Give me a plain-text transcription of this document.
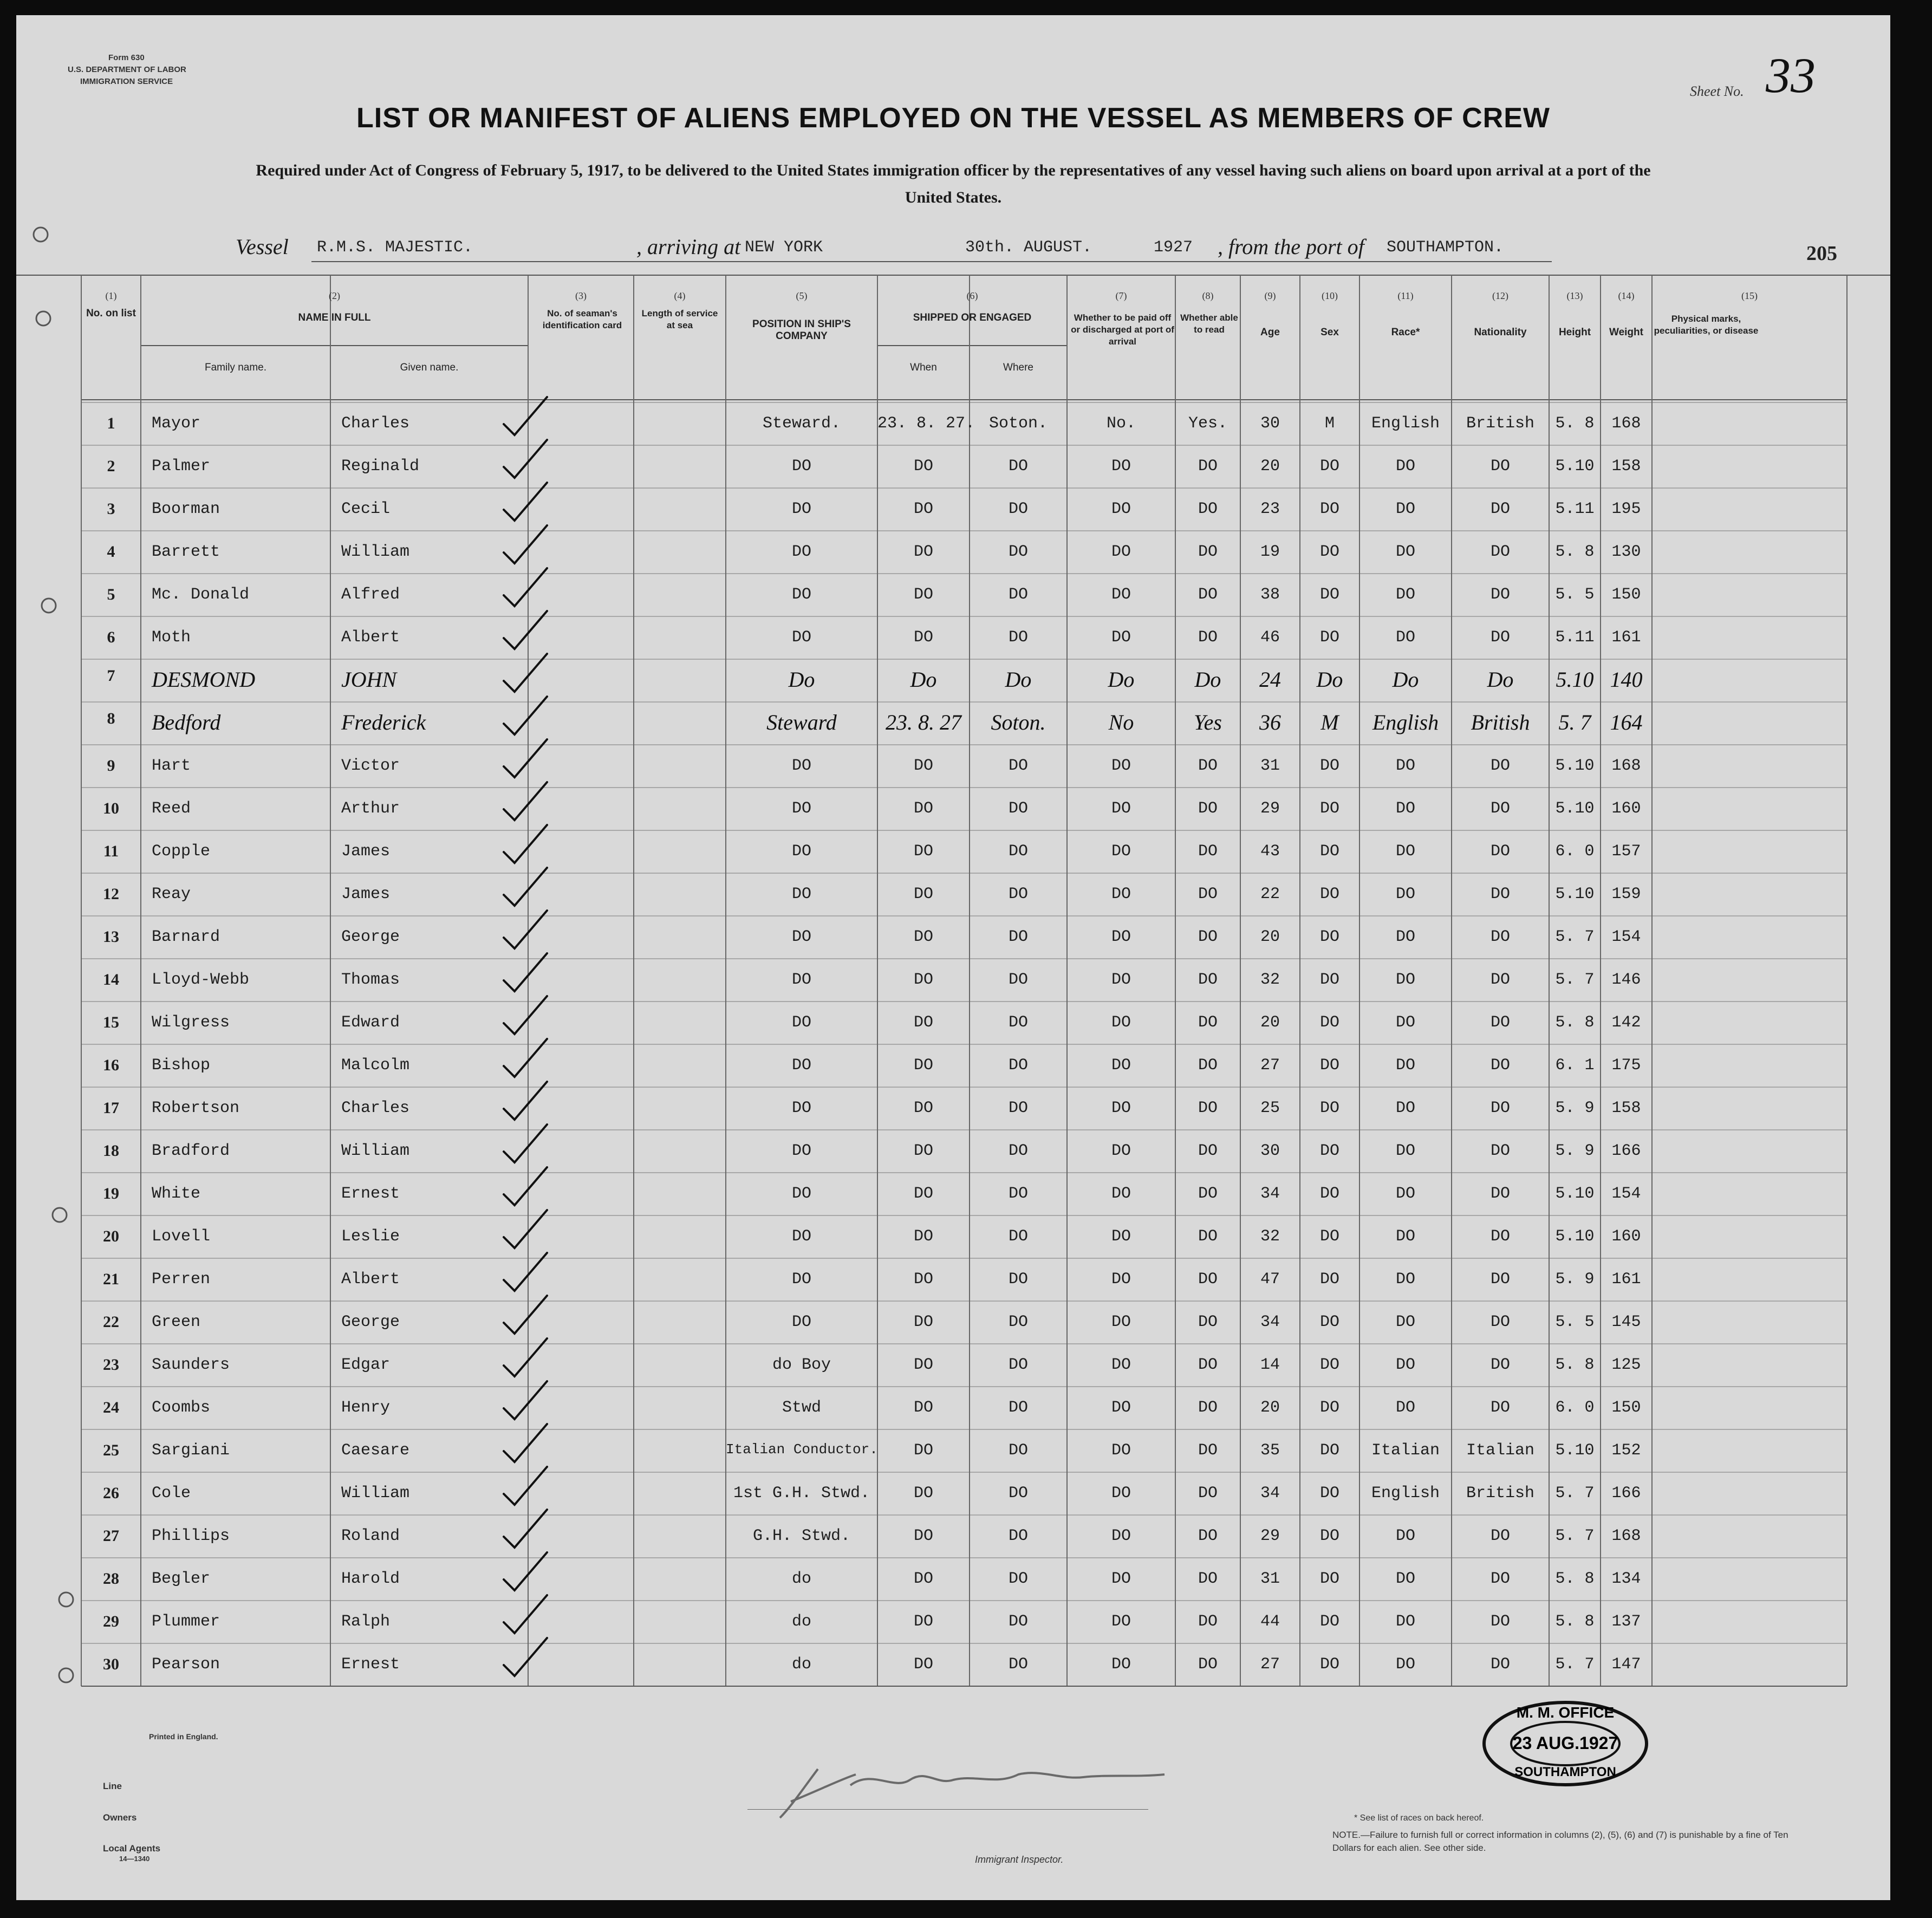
Form 630
U.S. DEPARTMENT OF LABOR
IMMIGRATION SERVICE
Sheet No. 33
LIST OR MANIFEST OF ALIENS EMPLOYED ON THE VESSEL AS MEMBERS OF CREW
Required under Act of Congress of February 5, 1917, to be delivered to the United States immigration officer by the representatives of any vessel having such aliens on board upon arrival at a port of the United States.
Vessel R.M.S. MAJESTIC.	, arriving at NEW YORK	30th. AUGUST.	1927 , from the port of SOUTHAMPTON.	205
(1)	(2)	(3)	(4)	(5)	(6)	(7)	(8)	(9)	(10)	(11)	(12)	(13)	(14)	(15)
No. on list	NAME IN FULL
Family name.	Given name.
No. of seaman's identification card
Length of service at sea	POSITION IN SHIP'S COMPANY
SHIPPED OR ENGAGED
When	Where
Whether to be paid off or discharged at port of arrival
Whether able to read	Age	Sex	Race*	Nationality	Height	Weight
Physical marks, peculiarities, or disease
1	Mayor	Charles	Steward.	23. 8. 27. Soton.	No.	Yes.	30	M	English	British	5. 8	168
2	Palmer	Reginald	DO	DO	DO	DO	DO	20	DO	DO	DO	5.10	158
3	Boorman	Cecil	DO	DO	DO	DO	DO	23	DO	DO	DO	5.11	195
4	Barrett	William	DO	DO	DO	DO	DO	19	DO	DO	DO	5. 8	130
5	Mc. Donald	Alfred	DO	DO	DO	DO	DO	38	DO	DO	DO	5. 5	150
6	Moth	Albert	DO	DO	DO	DO	DO	46	DO	DO	DO	5.11	161
7	DESMOND	JOHN	Do	Do	Do	Do	Do	24	Do	Do	Do	5.10 140
8	Bedford	Frederick	Steward	23. 8. 27	Soton.	No	Yes	36	M	English	British	5. 7 164
9	Hart	Victor	DO	DO	DO	DO	DO	31	DO	DO	DO	5.10	168
10	Reed	Arthur	DO	DO	DO	DO	DO	29	DO	DO	DO	5.10	160
11	Copple	James	DO	DO	DO	DO	DO	43	DO	DO	DO	6. 0	157
12	Reay	James	DO	DO	DO	DO	DO	22	DO	DO	DO	5.10	159
13	Barnard	George	DO	DO	DO	DO	DO	20	DO	DO	DO	5. 7	154
14	Lloyd-Webb	Thomas	DO	DO	DO	DO	DO	32	DO	DO	DO	5. 7	146
15	Wilgress	Edward	DO	DO	DO	DO	DO	20	DO	DO	DO	5. 8	142
16	Bishop	Malcolm	DO	DO	DO	DO	DO	27	DO	DO	DO	6. 1	175
17	Robertson	Charles	DO	DO	DO	DO	DO	25	DO	DO	DO	5. 9	158
18	Bradford	William	DO	DO	DO	DO	DO	30	DO	DO	DO	5. 9	166
19	White	Ernest	DO	DO	DO	DO	DO	34	DO	DO	DO	5.10	154
20	Lovell	Leslie	DO	DO	DO	DO	DO	32	DO	DO	DO	5.10	160
21	Perren	Albert	DO	DO	DO	DO	DO	47	DO	DO	DO	5. 9	161
22	Green	George	DO	DO	DO	DO	DO	34	DO	DO	DO	5. 5	145
23	Saunders	Edgar	do Boy	DO	DO	DO	DO	14	DO	DO	DO	5. 8	125
24	Coombs	Henry	Stwd	DO	DO	DO	DO	20	DO	DO	DO	6. 0	150
25	Sargiani	Caesare	Italian Conductor.	DO	DO	DO	DO	35	DO	Italian	Italian	5.10	152
26	Cole	William	1st G.H. Stwd.	DO	DO	DO	DO	34	DO	English	British	5. 7	166
27	Phillips	Roland	G.H. Stwd.	DO	DO	DO	DO	29	DO	DO	DO	5. 7	168
28	Begler	Harold	do	DO	DO	DO	DO	31	DO	DO	DO	5. 8	134
29	Plummer	Ralph	do	DO	DO	DO	DO	44	DO	DO	DO	5. 8	137
30	Pearson	Ernest	do	DO	DO	DO	DO	27	DO	DO	DO	5. 7	147
Printed in England.
Line
Owners
Local Agents
14—1340	Immigrant Inspector.
* See list of races on back hereof.
NOTE.—Failure to furnish full or correct information in columns (2), (5), (6) and (7) is punishable by a fine of Ten Dollars for each alien. See other side.
M. M. OFFICE
23 AUG.1927
SOUTHAMPTON
